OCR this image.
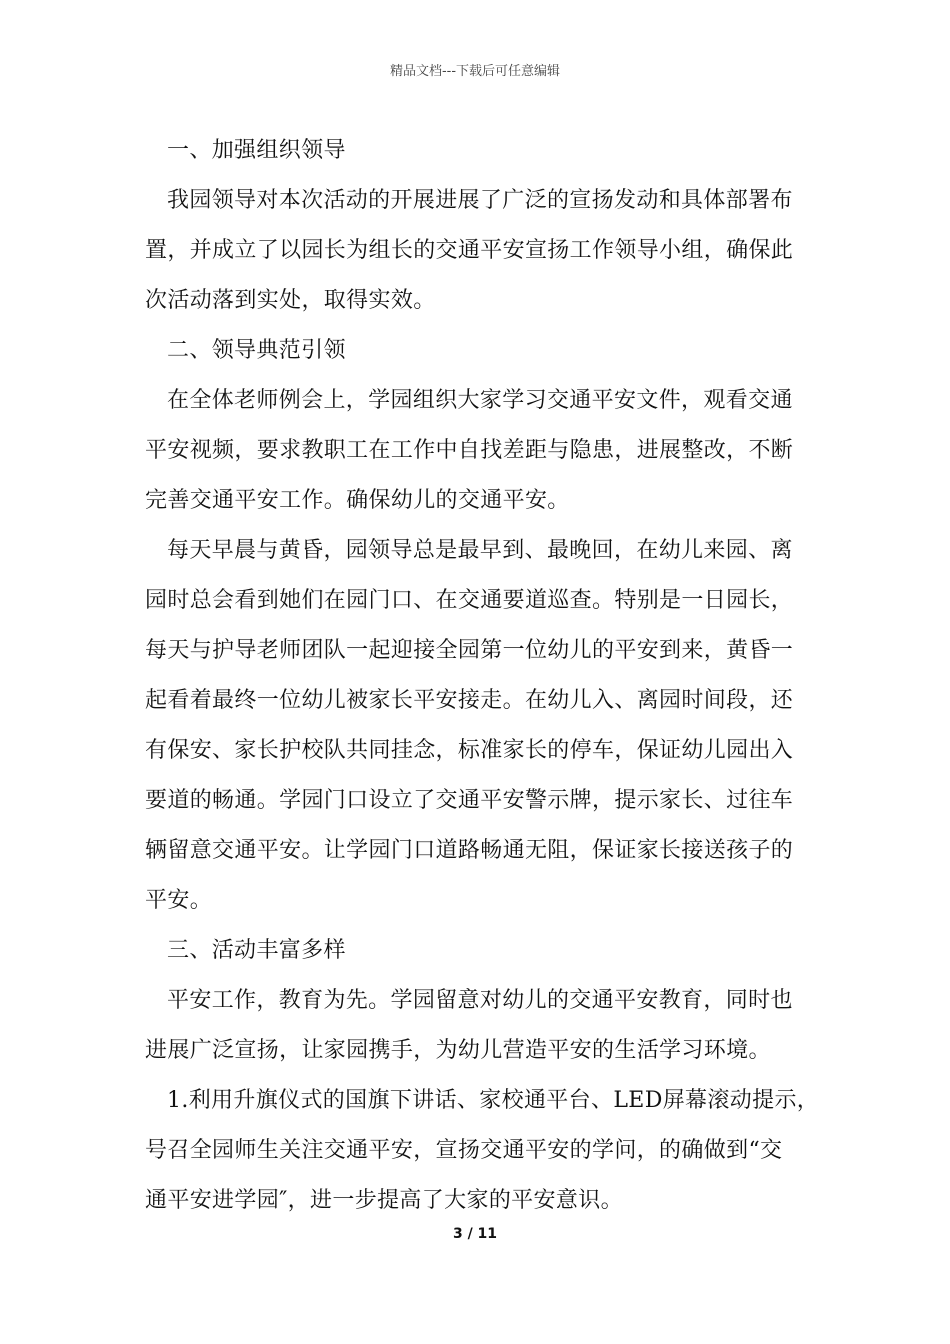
精品文档---下载后可任意编辑
一、加强组织领导
我园领导对本次活动的开展进展了广泛的宣扬发动和具体部署布
置，并成立了以园长为组长的交通平安宣扬工作领导小组，确保此
次活动落到实处，取得实效。
二、领导典范引领
在全体老师例会上，学园组织大家学习交通平安文件，观看交通
平安视频，要求教职工在工作中自找差距与隐患，进展整改，不断
完善交通平安工作。确保幼儿的交通平安。
每天早晨与黄昏，园领导总是最早到、最晚回，在幼儿来园、离
园时总会看到她们在园门口、在交通要道巡查。特别是一日园长，
每天与护导老师团队一起迎接全园第一位幼儿的平安到来，黄昏一
起看着最终一位幼儿被家长平安接走。在幼儿入、离园时间段，还
有保安、家长护校队共同挂念，标准家长的停车，保证幼儿园出入
要道的畅通。学园门口设立了交通平安警示牌，提示家长、过往车
辆留意交通平安。让学园门口道路畅通无阻，保证家长接送孩子的
平安。
三、活动丰富多样
平安工作，教育为先。学园留意对幼儿的交通平安教育，同时也
进展广泛宣扬，让家园携手，为幼儿营造平安的生活学习环境。
1.利用升旗仪式的国旗下讲话、家校通平台、LED屏幕滚动提示，
号召全园师生关注交通平安，宣扬交通平安的学问，的确做到“交
通平安进学园″，进一步提高了大家的平安意识。
3 / 11
